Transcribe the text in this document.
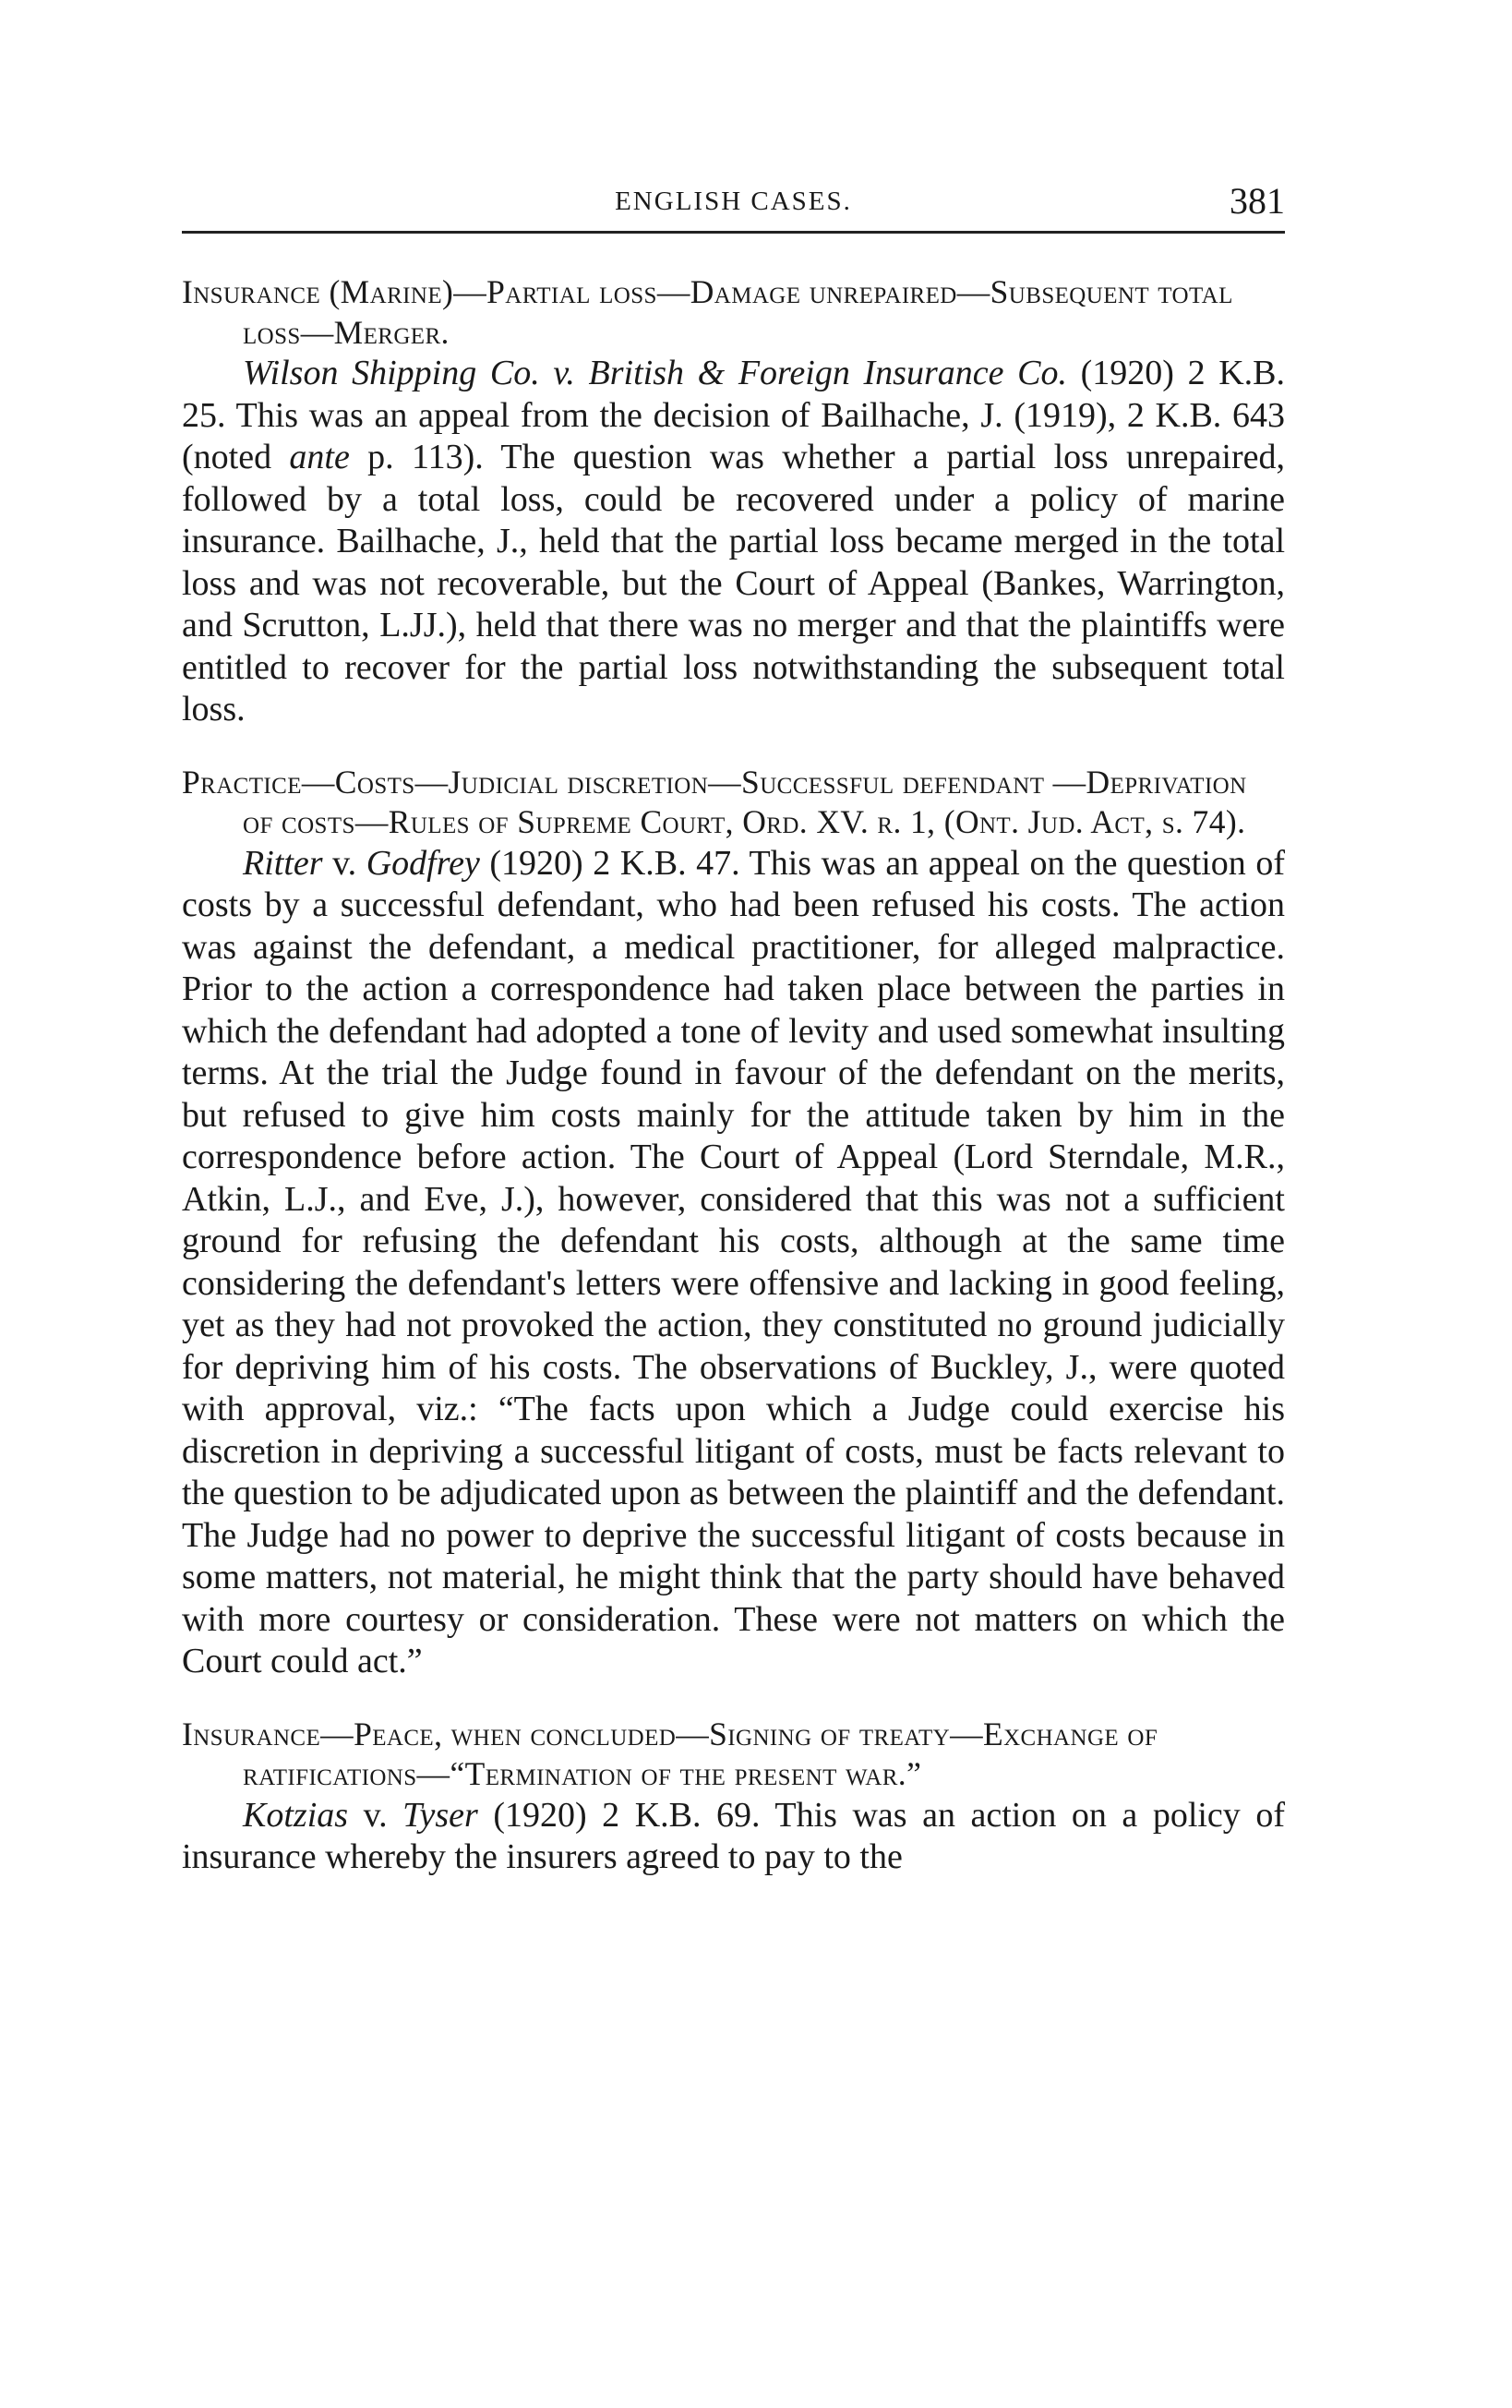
ENGLISH CASES.	381

Insurance (Marine)—Partial loss—Damage unrepaired—Subsequent total loss—Merger.

Wilson Shipping Co. v. British & Foreign Insurance Co. (1920) 2 K.B. 25. This was an appeal from the decision of Bailhache, J. (1919), 2 K.B. 643 (noted ante p. 113). The question was whether a partial loss unrepaired, followed by a total loss, could be recovered under a policy of marine insurance. Bailhache, J., held that the partial loss became merged in the total loss and was not recoverable, but the Court of Appeal (Bankes, Warrington, and Scrutton, L.JJ.), held that there was no merger and that the plaintiffs were entitled to recover for the partial loss notwithstanding the subsequent total loss.

Practice—Costs—Judicial discretion—Successful defendant —Deprivation of costs—Rules of Supreme Court, Ord. XV. r. 1, (Ont. Jud. Act, s. 74).

Ritter v. Godfrey (1920) 2 K.B. 47. This was an appeal on the question of costs by a successful defendant, who had been refused his costs. The action was against the defendant, a medical practitioner, for alleged malpractice. Prior to the action a correspondence had taken place between the parties in which the defendant had adopted a tone of levity and used somewhat insulting terms. At the trial the Judge found in favour of the defendant on the merits, but refused to give him costs mainly for the attitude taken by him in the correspondence before action. The Court of Appeal (Lord Sterndale, M.R., Atkin, L.J., and Eve, J.), however, considered that this was not a sufficient ground for refusing the defendant his costs, although at the same time considering the defendant's letters were offensive and lacking in good feeling, yet as they had not provoked the action, they constituted no ground judicially for depriving him of his costs. The observations of Buckley, J., were quoted with approval, viz.: “The facts upon which a Judge could exercise his discretion in depriving a successful litigant of costs, must be facts relevant to the question to be adjudicated upon as between the plaintiff and the defendant. The Judge had no power to deprive the successful litigant of costs because in some matters, not material, he might think that the party should have behaved with more courtesy or consideration. These were not matters on which the Court could act.”

Insurance—Peace, when concluded—Signing of treaty—Exchange of ratifications—“Termination of the present war.”

Kotzias v. Tyser (1920) 2 K.B. 69. This was an action on a policy of insurance whereby the insurers agreed to pay to the
